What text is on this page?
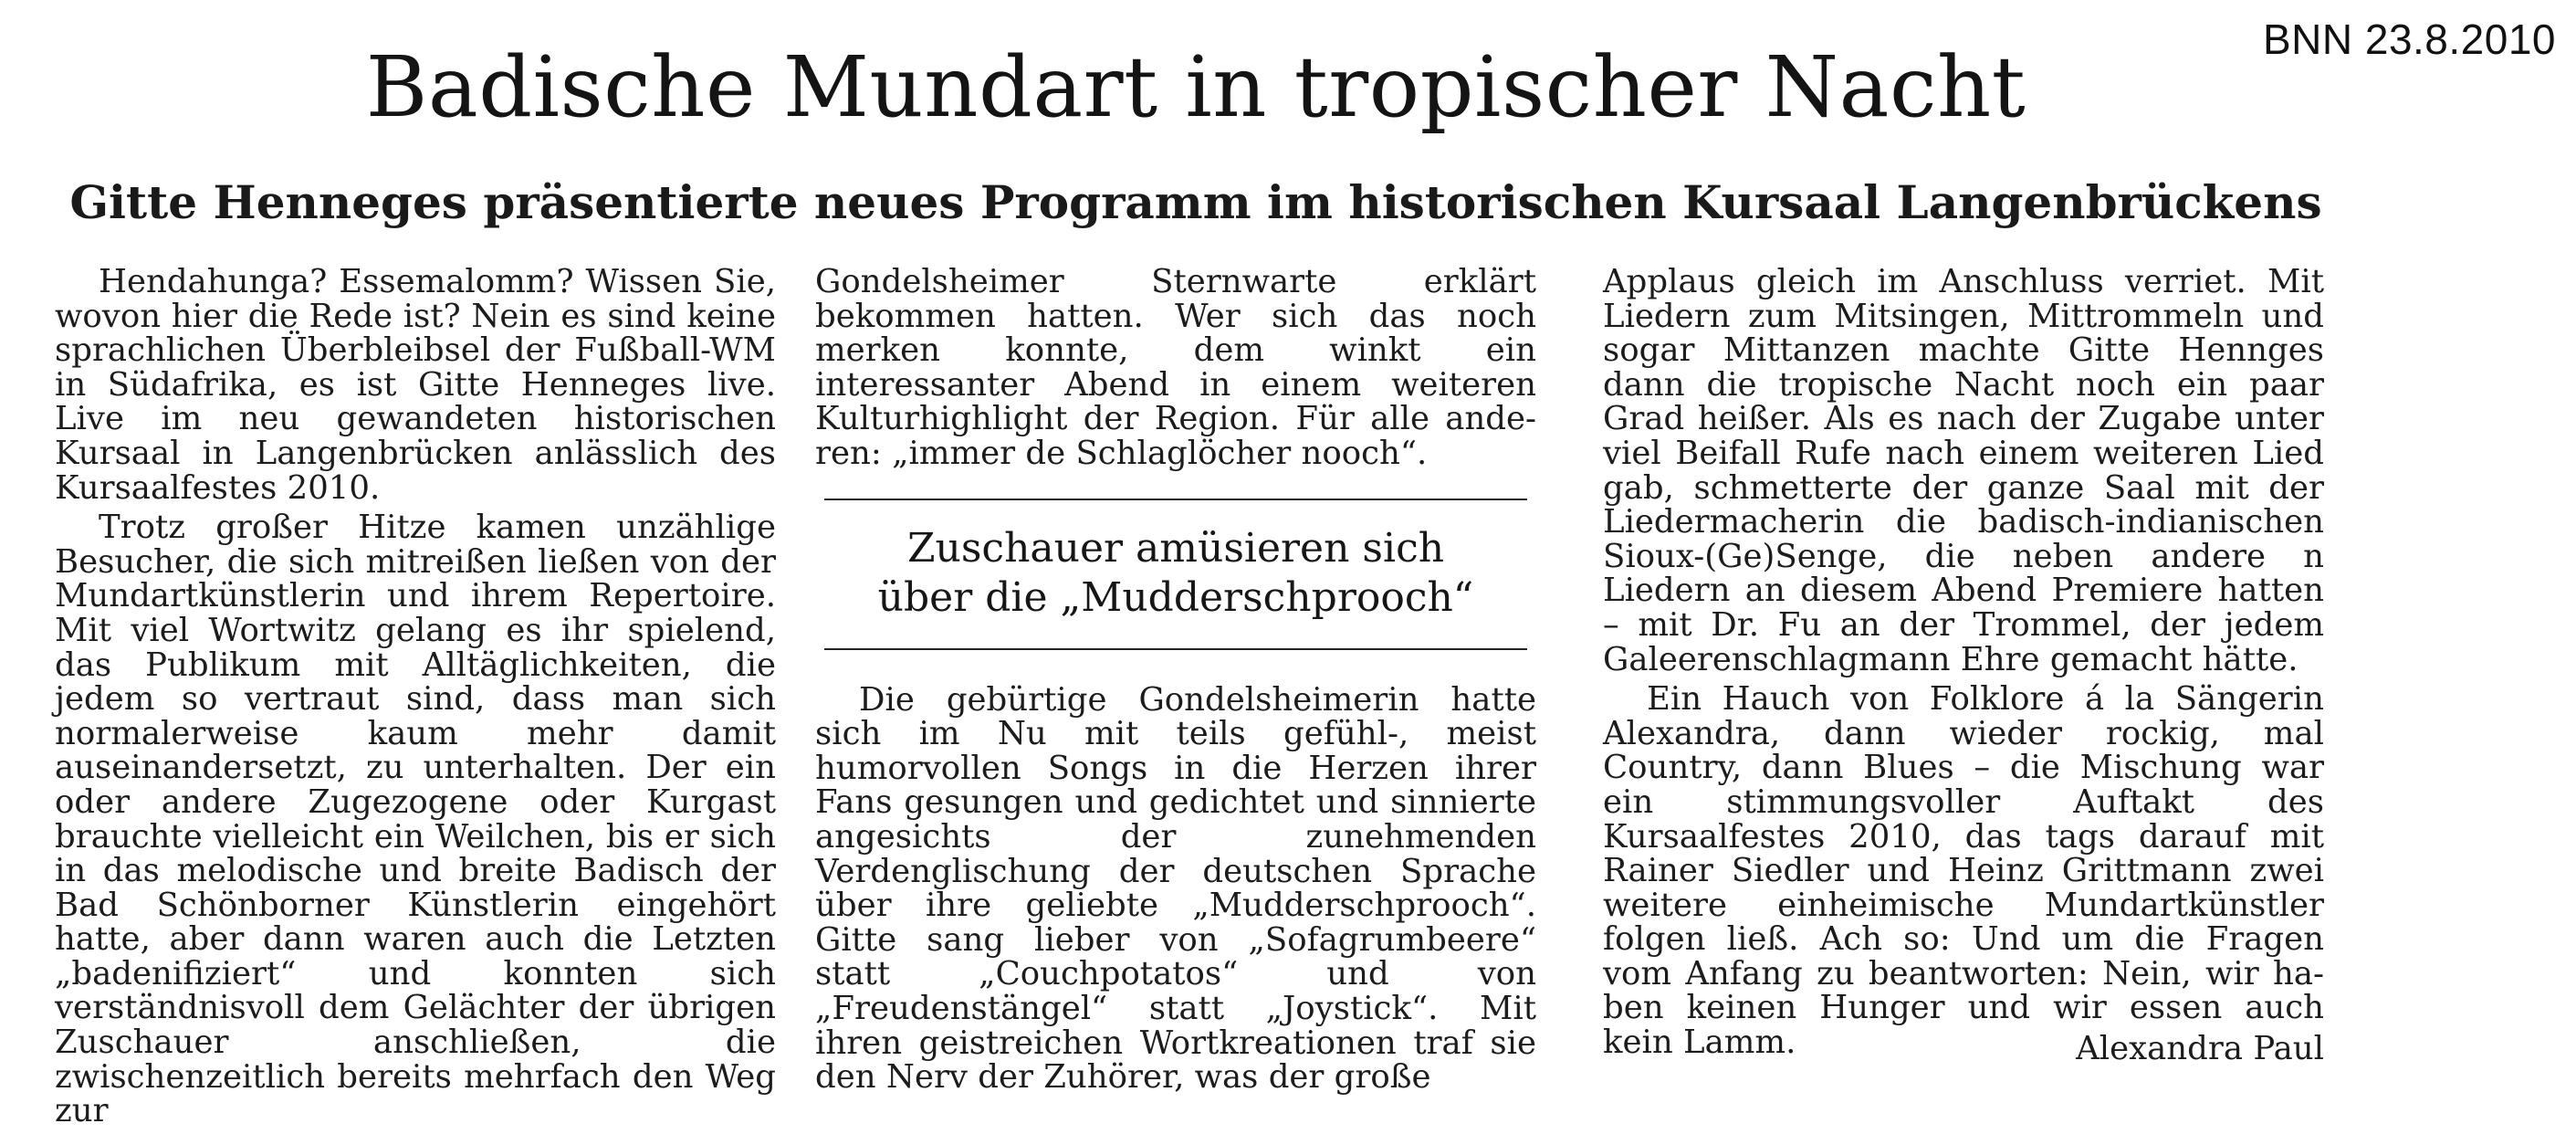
BNN 23.8.2010
Badische Mundart in tropischer Nacht
Gitte Henneges präsentierte neues Programm im historischen Kursaal Langenbrückens

Hendahunga? Essemalomm? Wissen Sie, wovon hier die Rede ist? Nein es sind keine sprachlichen Überbleibsel der Fußball-WM in Südafrika, es ist Gitte Henneges live. Live im neu gewandeten historischen Kursaal in Langenbrücken anlässlich des Kursaalfestes 2010.

Trotz großer Hitze kamen unzählige Besucher, die sich mitreißen ließen von der Mundartkünstlerin und ihrem Repertoire. Mit viel Wortwitz gelang es ihr spielend, das Publikum mit Alltäglichkeiten, die jedem so vertraut sind, dass man sich normalerweise kaum mehr damit auseinandersetzt, zu unterhalten. Der ein oder andere Zugezogene oder Kurgast brauchte vielleicht ein Weilchen, bis er sich in das melodische und breite Badisch der Bad Schönborner Künstlerin eingehört hatte, aber dann waren auch die Letzten „badenifiziert“ und konnten sich verständnisvoll dem Gelächter der übrigen Zuschauer anschließen, die zwischenzeitlich bereits mehrfach den Weg zur

Gondelsheimer Sternwarte erklärt bekommen hatten. Wer sich das noch merken konnte, dem winkt ein interessanter Abend in einem weiteren Kulturhighlight der Region. Für alle anderen: „immer de Schlaglöcher nooch“.

Zuschauer amüsieren sich
über die „Mudderschprooch“

Die gebürtige Gondelsheimerin hatte sich im Nu mit teils gefühl-, meist humorvollen Songs in die Herzen ihrer Fans gesungen und gedichtet und sinnierte angesichts der zunehmenden Verdenglischung der deutschen Sprache über ihre geliebte „Mudderschprooch“. Gitte sang lieber von „Sofagrumbeere“ statt „Couchpotatos“ und von „Freudenstängel“ statt „Joystick“. Mit ihren geistreichen Wortkreationen traf sie den Nerv der Zuhörer, was der große

Applaus gleich im Anschluss verriet. Mit Liedern zum Mitsingen, Mittrommeln und sogar Mittanzen machte Gitte Hennges dann die tropische Nacht noch ein paar Grad heißer. Als es nach der Zugabe unter viel Beifall Rufe nach einem weiteren Lied gab, schmetterte der ganze Saal mit der Liedermacherin die badisch-indianischen Sioux-(Ge)Senge, die neben andere n Liedern an diesem Abend Premiere hatten – mit Dr. Fu an der Trommel, der jedem Galeerenschlagmann Ehre gemacht hätte.

Ein Hauch von Folklore á la Sängerin Alexandra, dann wieder rockig, mal Country, dann Blues – die Mischung war ein stimmungsvoller Auftakt des Kursaalfestes 2010, das tags darauf mit Rainer Siedler und Heinz Grittmann zwei weitere einheimische Mundartkünstler folgen ließ. Ach so: Und um die Fragen vom Anfang zu beantworten: Nein, wir haben keinen Hunger und wir essen auch kein Lamm.	Alexandra Paul
